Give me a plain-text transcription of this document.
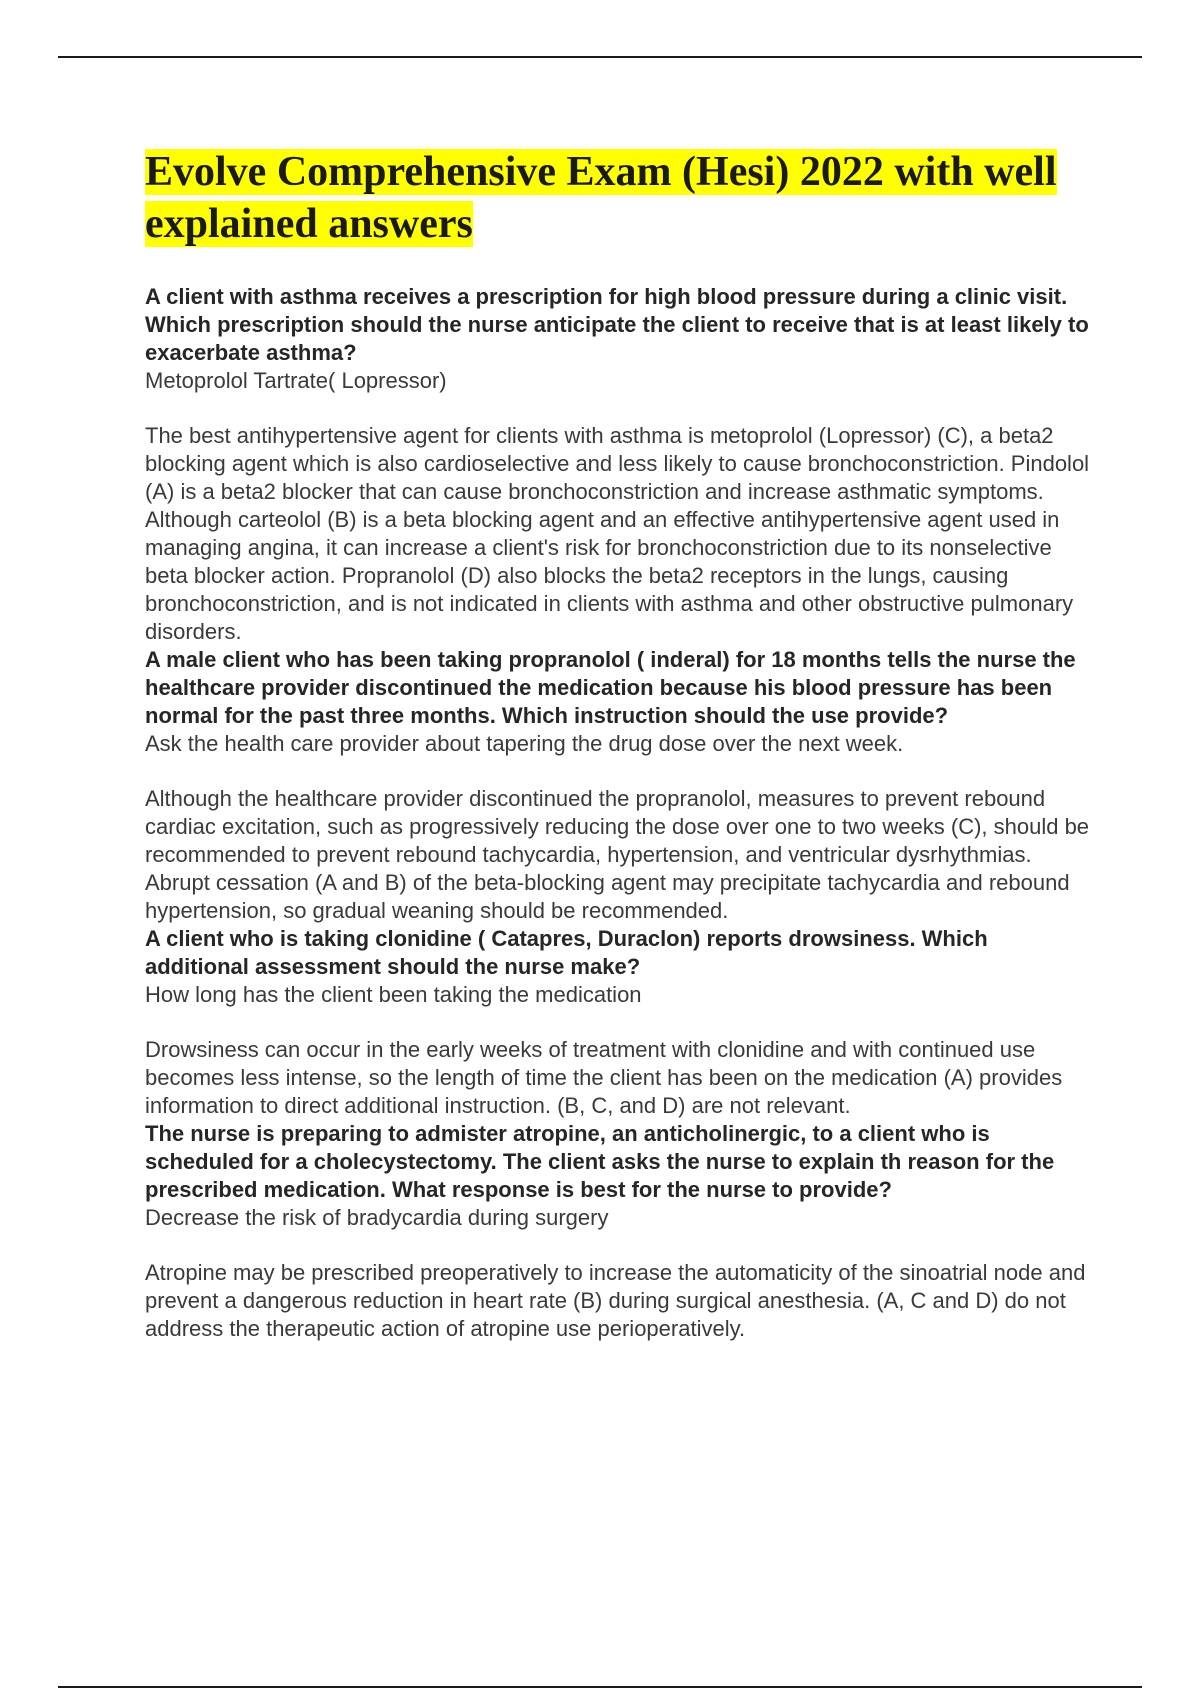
Evolve Comprehensive Exam (Hesi) 2022 with well explained answers

A client with asthma receives a prescription for high blood pressure during a clinic visit. Which prescription should the nurse anticipate the client to receive that is at least likely to exacerbate asthma?

Metoprolol Tartrate( Lopressor)

The best antihypertensive agent for clients with asthma is metoprolol (Lopressor) (C), a beta2 blocking agent which is also cardioselective and less likely to cause bronchoconstriction. Pindolol (A) is a beta2 blocker that can cause bronchoconstriction and increase asthmatic symptoms. Although carteolol (B) is a beta blocking agent and an effective antihypertensive agent used in managing angina, it can increase a client's risk for bronchoconstriction due to its nonselective beta blocker action. Propranolol (D) also blocks the beta2 receptors in the lungs, causing bronchoconstriction, and is not indicated in clients with asthma and other obstructive pulmonary disorders.

A male client who has been taking propranolol ( inderal) for 18 months tells the nurse the healthcare provider discontinued the medication because his blood pressure has been normal for the past three months. Which instruction should the use provide?

Ask the health care provider about tapering the drug dose over the next week.

Although the healthcare provider discontinued the propranolol, measures to prevent rebound cardiac excitation, such as progressively reducing the dose over one to two weeks (C), should be recommended to prevent rebound tachycardia, hypertension, and ventricular dysrhythmias. Abrupt cessation (A and B) of the beta-blocking agent may precipitate tachycardia and rebound hypertension, so gradual weaning should be recommended.

A client who is taking clonidine ( Catapres, Duraclon) reports drowsiness. Which additional assessment should the nurse make?

How long has the client been taking the medication

Drowsiness can occur in the early weeks of treatment with clonidine and with continued use becomes less intense, so the length of time the client has been on the medication (A) provides information to direct additional instruction. (B, C, and D) are not relevant.

The nurse is preparing to admister atropine, an anticholinergic, to a client who is scheduled for a cholecystectomy. The client asks the nurse to explain th reason for the prescribed medication. What response is best for the nurse to provide?

Decrease the risk of bradycardia during surgery

Atropine may be prescribed preoperatively to increase the automaticity of the sinoatrial node and prevent a dangerous reduction in heart rate (B) during surgical anesthesia. (A, C and D) do not address the therapeutic action of atropine use perioperatively.
